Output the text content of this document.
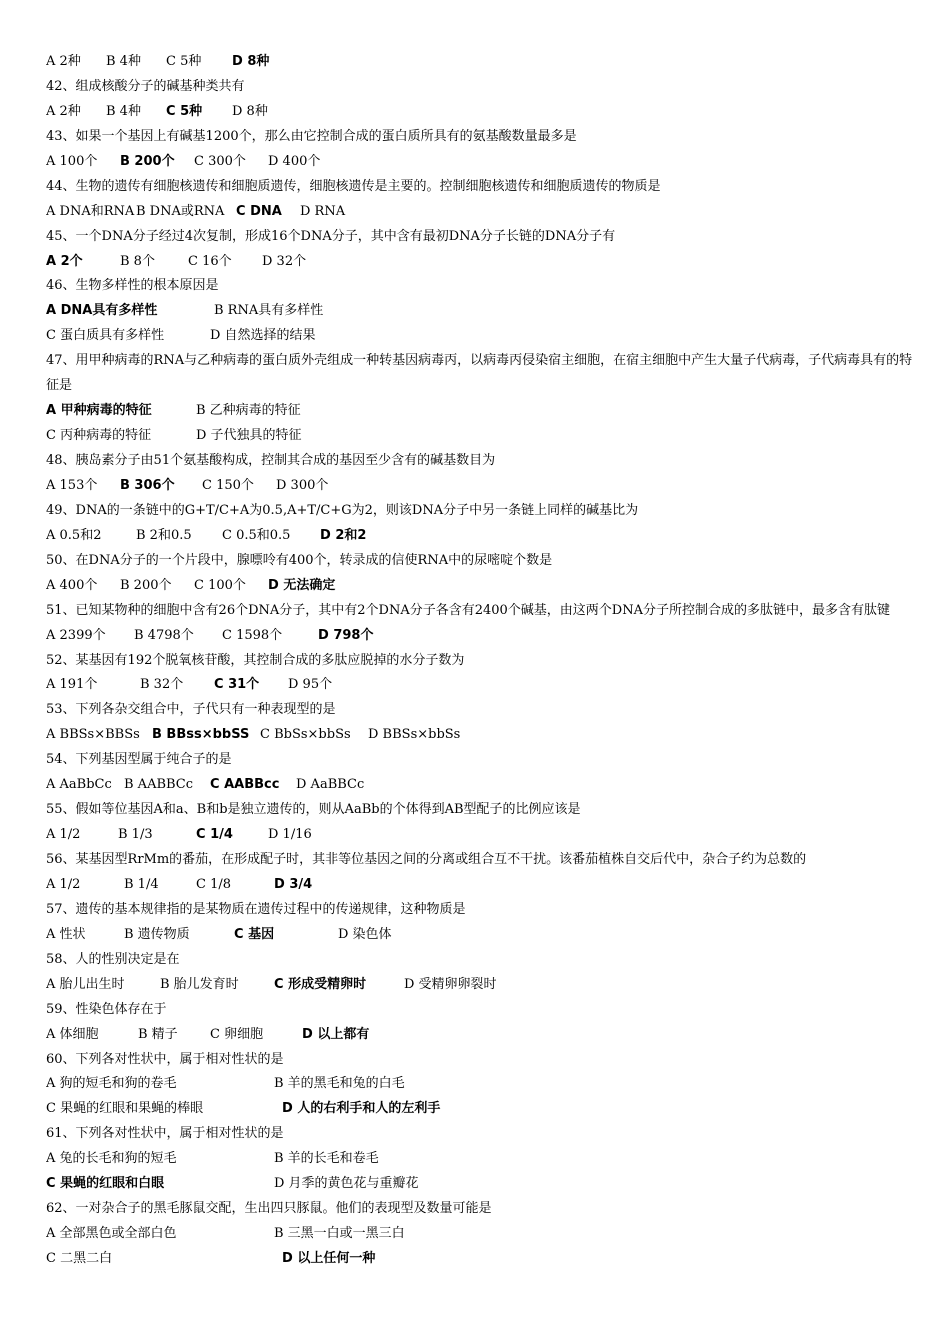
A 2种 B 4种 C 5种 D 8种
42、组成核酸分子的碱基种类共有
A 2种 B 4种 C 5种 D 8种
43、如果一个基因上有碱基1200个，那么由它控制合成的蛋白质所具有的氨基酸数量最多是
A 100个 B 200个 C 300个 D 400个
44、生物的遗传有细胞核遗传和细胞质遗传，细胞核遗传是主要的。控制细胞核遗传和细胞质遗传的物质是
A DNA和RNA B DNA或RNA C DNA D RNA
45、一个DNA分子经过4次复制，形成16个DNA分子，其中含有最初DNA分子长链的DNA分子有
A 2个	B 8个	C 16个 D 32个
46、生物多样性的根本原因是
A DNA具有多样性	B RNA具有多样性
C 蛋白质具有多样性	D 自然选择的结果
47、用甲种病毒的RNA与乙种病毒的蛋白质外壳组成一种转基因病毒丙，以病毒丙侵染宿主细胞，在宿主细胞中产生大量子代病毒，子代病毒具有的特征是
A 甲种病毒的特征	B 乙种病毒的特征
C 丙种病毒的特征	D 子代独具的特征
48、胰岛素分子由51个氨基酸构成，控制其合成的基因至少含有的碱基数目为
A 153个 B 306个 C 150个 D 300个
49、DNA的一条链中的G+T/C+A为0.5,A+T/C+G为2，则该DNA分子中另一条链上同样的碱基比为
A 0.5和2	B 2和0.5 C 0.5和0.5 D 2和2
50、在DNA分子的一个片段中，腺嘌呤有400个，转录成的信使RNA中的尿嘧啶个数是
A 400个 B 200个 C 100个 D 无法确定
51、已知某物种的细胞中含有26个DNA分子，其中有2个DNA分子各含有2400个碱基，由这两个DNA分子所控制合成的多肽链中，最多含有肽键
A 2399个 B 4798个 C 1598个	D 798个
52、某基因有192个脱氧核苷酸，其控制合成的多肽应脱掉的水分子数为
A 191个	B 32个 C 31个 D 95个
53、下列各杂交组合中，子代只有一种表现型的是
A BBSs×BBSs B BBss×bbSS C BbSs×bbSs D BBSs×bbSs
54、下列基因型属于纯合子的是
A AaBbCc B AABBCc C AABBcc D AaBBCc
55、假如等位基因A和a、B和b是独立遗传的，则从AaBb的个体得到AB型配子的比例应该是
A 1/2	B 1/3	C 1/4	D 1/16
56、某基因型RrMm的番茄，在形成配子时，其非等位基因之间的分离或组合互不干扰。该番茄植株自交后代中，杂合子约为总数的
A 1/2	B 1/4	C 1/8	D 3/4
57、遗传的基本规律指的是某物质在遗传过程中的传递规律，这种物质是
A 性状	B 遗传物质	C 基因	D 染色体
58、人的性别决定是在
A 胎儿出生时	B 胎儿发育时	C 形成受精卵时	D 受精卵卵裂时
59、性染色体存在于
A 体细胞	B 精子 C 卵细胞	D 以上都有
60、下列各对性状中，属于相对性状的是
A 狗的短毛和狗的卷毛	B 羊的黑毛和兔的白毛
C 果蝇的红眼和果蝇的棒眼	D 人的右利手和人的左利手
61、下列各对性状中，属于相对性状的是
A 兔的长毛和狗的短毛	B 羊的长毛和卷毛
C 果蝇的红眼和白眼	D 月季的黄色花与重瓣花
62、一对杂合子的黑毛豚鼠交配，生出四只豚鼠。他们的表现型及数量可能是
A 全部黑色或全部白色	B 三黑一白或一黑三白
C 二黑二白	D 以上任何一种
